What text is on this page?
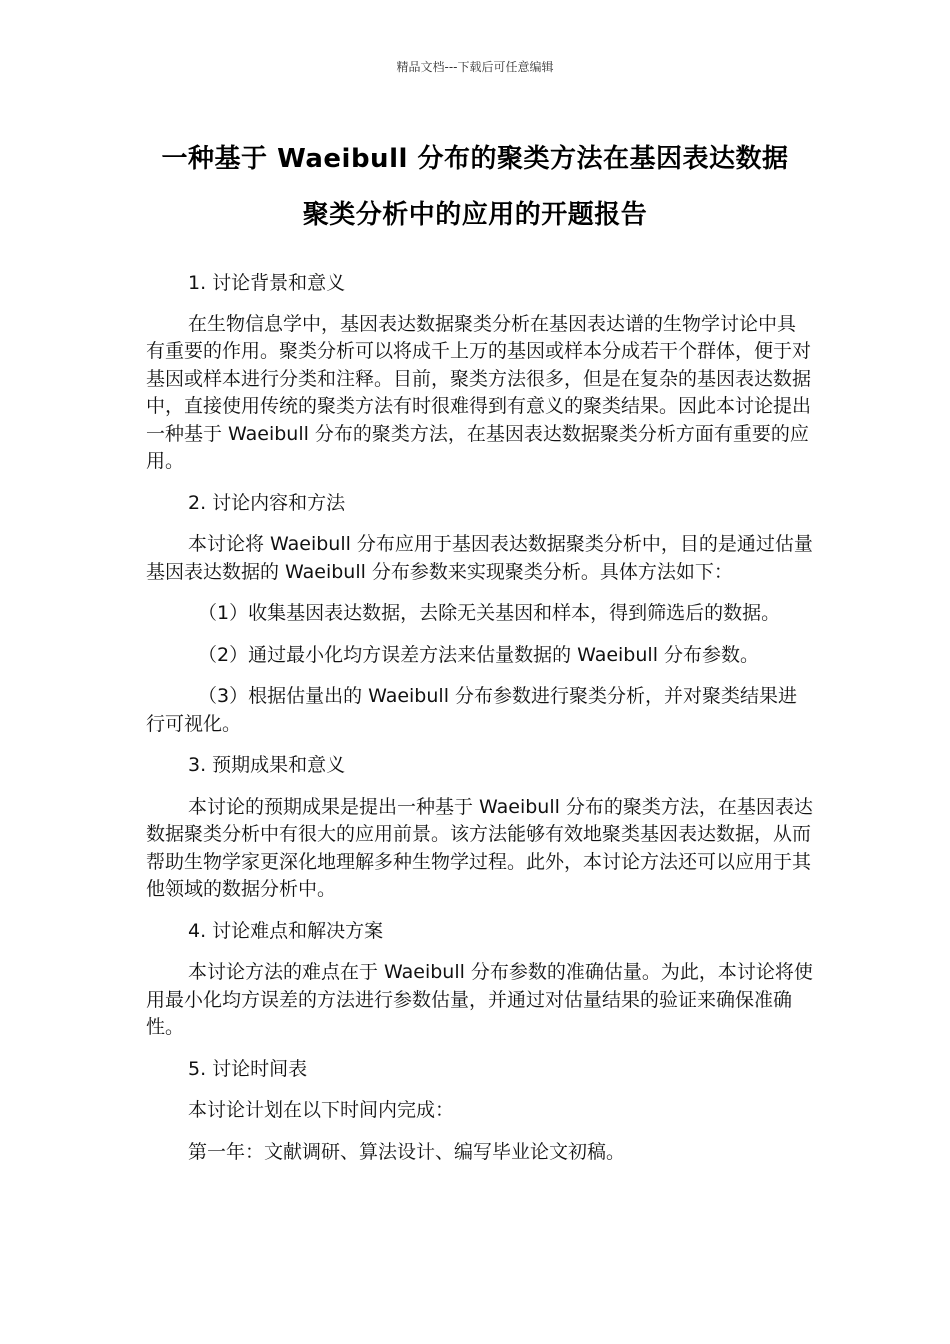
精品文档---下载后可任意编辑
一种基于 Waeibull 分布的聚类方法在基因表达数据
聚类分析中的应用的开题报告

1. 讨论背景和意义

在生物信息学中，基因表达数据聚类分析在基因表达谱的生物学讨论中具有重要的作用。聚类分析可以将成千上万的基因或样本分成若干个群体，便于对基因或样本进行分类和注释。目前，聚类方法很多，但是在复杂的基因表达数据中，直接使用传统的聚类方法有时很难得到有意义的聚类结果。因此本讨论提出一种基于 Waeibull 分布的聚类方法，在基因表达数据聚类分析方面有重要的应用。

2. 讨论内容和方法

本讨论将 Waeibull 分布应用于基因表达数据聚类分析中，目的是通过估量基因表达数据的 Waeibull 分布参数来实现聚类分析。具体方法如下：

（1）收集基因表达数据，去除无关基因和样本，得到筛选后的数据。

（2）通过最小化均方误差方法来估量数据的 Waeibull 分布参数。

（3）根据估量出的 Waeibull 分布参数进行聚类分析，并对聚类结果进行可视化。

3. 预期成果和意义

本讨论的预期成果是提出一种基于 Waeibull 分布的聚类方法，在基因表达数据聚类分析中有很大的应用前景。该方法能够有效地聚类基因表达数据，从而帮助生物学家更深化地理解多种生物学过程。此外，本讨论方法还可以应用于其他领域的数据分析中。

4. 讨论难点和解决方案

本讨论方法的难点在于 Waeibull 分布参数的准确估量。为此，本讨论将使用最小化均方误差的方法进行参数估量，并通过对估量结果的验证来确保准确性。

5. 讨论时间表

本讨论计划在以下时间内完成：

第一年：文献调研、算法设计、编写毕业论文初稿。
